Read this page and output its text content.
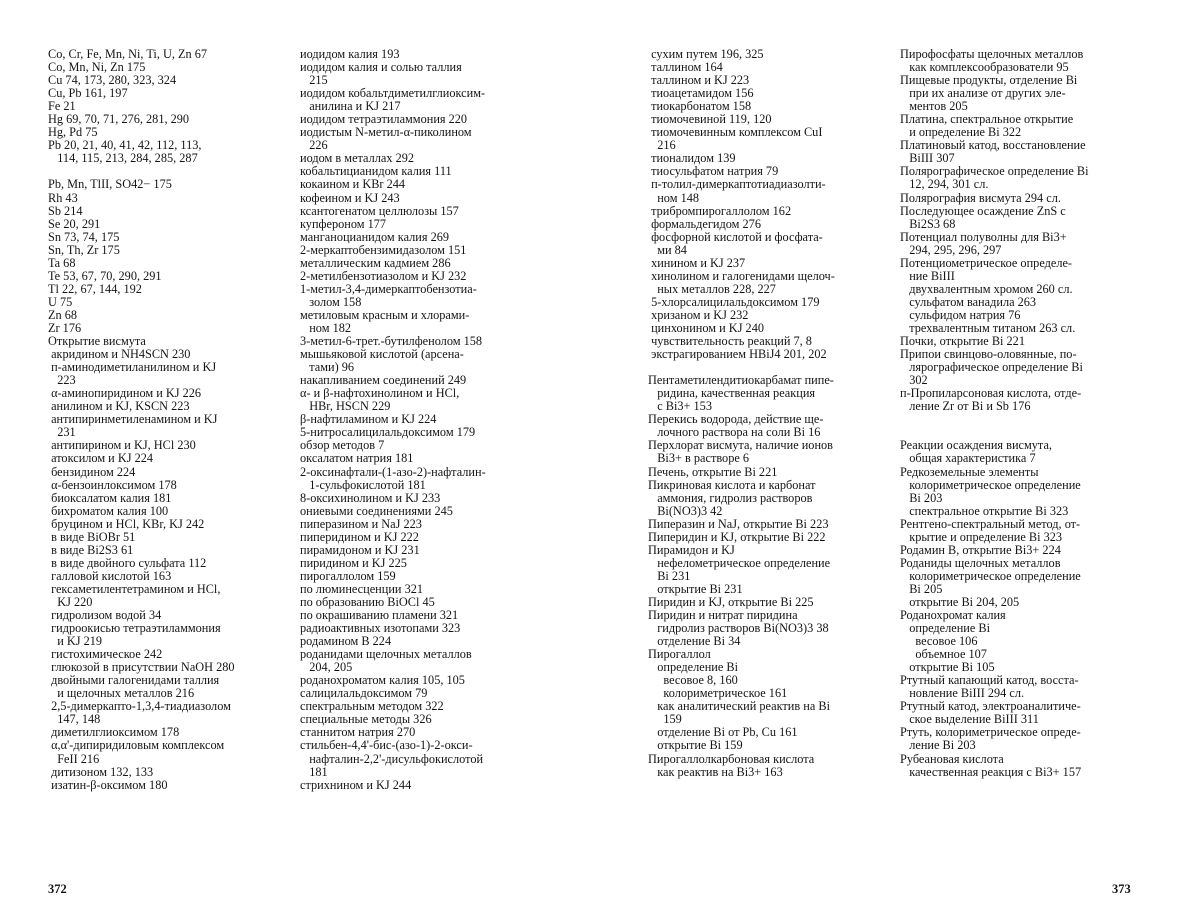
Co, Cr, Fe, Mn, Ni, Ti, U, Zn 67
Co, Mn, Ni, Zn 175
Cu 74, 173, 280, 323, 324
Cu, Pb 161, 197
Fe 21
Hg 69, 70, 71, 276, 281, 290
Hg, Pd 75
Pb 20, 21, 40, 41, 42, 112, 113,
114, 115, 213, 284, 285, 287

Pb, Mn, TlII, SO42− 175
Rh 43
Sb 214
Se 20, 291
Sn 73, 74, 175
Sn, Th, Zr 175
Ta 68
Te 53, 67, 70, 290, 291
Tl 22, 67, 144, 192
U 75
Zn 68
Zr 176
Открытие висмута
акридином и NH4SCN 230
п-аминодиметиланилином и KJ
223
α-аминопиридином и KJ 226
анилином и KJ, KSCN 223
антипиринметиленамином и KJ
231
антипирином и KJ, HCl 230
атоксилом и KJ 224
бензидином 224
α-бензоинлоксимом 178
биоксалатом калия 181
бихроматом калия 100
бруцином и HCl, KBr, KJ 242
в виде BiOBr 51
в виде Bi2S3 61
в виде двойного сульфата 112
галловой кислотой 163
гексаметилентетрамином и HCl,
KJ 220
гидролизом водой 34
гидроокисью тетраэтиламмония
и KJ 219
гистохимическое 242
глюкозой в присутствии NaOH 280
двойными галогенидами таллия
и щелочных металлов 216
2,5-димеркапто-1,3,4-тиадиазолом
147, 148
диметилглиоксимом 178
α,α'-дипиридиловым комплексом
FeII 216
дитизоном 132, 133
изатин-β-оксимом 180
иодидом калия 193
иодидом калия и солью таллия
215
иодидом кобальтдиметилглиоксим-
анилина и KJ 217
иодидом тетраэтиламмония 220
иодистым N-метил-α-пиколином
226
иодом в металлах 292
кобальтицианидом калия 111
кокаином и KBr 244
кофеином и KJ 243
ксантогенатом целлюлозы 157
купфероном 177
манганоцианидом калия 269
2-меркаптобензимидазолом 151
металлическим кадмием 286
2-метилбензотиазолом и KJ 232
1-метил-3,4-димеркаптобензотиа-
золом 158
метиловым красным и хлорами-
ном 182
3-метил-6-трет.-бутилфенолом 158
мышьяковой кислотой (арсена-
тами) 96
накапливанием соединений 249
α- и β-нафтохинолином и HCl,
HBr, HSCN 229
β-нафтиламином и KJ 224
5-нитросалицилальдоксимом 179
обзор методов 7
оксалатом натрия 181
2-оксинафтали-(1-азо-2)-нафталин-
1-сульфокислотой 181
8-оксихинолином и KJ 233
ониевыми соединениями 245
пиперазином и NaJ 223
пиперидином и KJ 222
пирамидоном и KJ 231
пиридином и KJ 225
пирогаллолом 159
по люминесценции 321
по образованию BiOCl 45
по окрашиванию пламени 321
радиоактивных изотопами 323
родамином В 224
роданидами щелочных металлов
204, 205
роданохроматом калия 105, 105
салицилальдоксимом 79
спектральным методом 322
специальные методы 326
станнитом натрия 270
стильбен-4,4'-бис-(азо-1)-2-окси-
нафталин-2,2'-дисульфокислотой
181
стрихнином и KJ 244
372
сухим путем 196, 325
таллином 164
таллином и KJ 223
тиоацетамидом 156
тиокарбонатом 158
тиомочевиной 119, 120
тиомочевинным комплексом CuI
216
тионалидом 139
тиосульфатом натрия 79
п-толил-димеркаптотиадиазолти-
ном 148
трибромпирогаллолом 162
формальдегидом 276
фосфорной кислотой и фосфата-
ми 84
хинином и KJ 237
хинолином и галогенидами щелоч-
ных металлов 228, 227
5-хлорсалицилальдоксимом 179
хризаном и KJ 232
цинхонином и KJ 240
чувствительность реакций 7, 8
экстрагированием HBiJ4 201, 202

Пентаметилендитиокарбамат пипе-
ридина, качественная реакция
с Bi3+ 153
Перекись водорода, действие ще-
лочного раствора на соли Bi 16
Перхлорат висмута, наличие ионов
Bi3+ в растворе 6
Печень, открытие Bi 221
Пикриновая кислота и карбонат
аммония, гидролиз растворов
Bi(NO3)3 42
Пиперазин и NaJ, открытие Bi 223
Пиперидин и KJ, открытие Bi 222
Пирамидон и KJ
нефелометрическое определение
Bi 231
открытие Bi 231
Пиридин и KJ, открытие Bi 225
Пиридин и нитрат пиридина
гидролиз растворов Bi(NO3)3 38
отделение Bi 34
Пирогаллол
определение Bi
весовое 8, 160
колориметрическое 161
как аналитический реактив на Bi
159
отделение Bi от Pb, Cu 161
открытие Bi 159
Пирогаллолкарбоновая кислота
как реактив на Bi3+ 163
Пирофосфаты щелочных металлов
как комплексообразователи 95
Пищевые продукты, отделение Bi
при их анализе от других эле-
ментов 205
Платина, спектральное открытие
и определение Bi 322
Платиновый катод, восстановление
BiIII 307
Полярографическое определение Bi
12, 294, 301 сл.
Полярография висмута 294 сл.
Последующее осаждение ZnS с
Bi2S3 68
Потенциал полуволны для Bi3+
294, 295, 296, 297
Потенциометрическое определе-
ние BiIII
двухвалентным хромом 260 сл.
сульфатом ванадила 263
сульфидом натрия 76
трехвалентным титаном 263 сл.
Почки, открытие Bi 221
Припои свинцово-оловянные, по-
лярографическое определение Bi
302
п-Пропиларсоновая кислота, отде-
ление Zr от Bi и Sb 176

Реакции осаждения висмута,
общая характеристика 7
Редкоземельные элементы
колориметрическое определение
Bi 203
спектральное открытие Bi 323
Рентгено-спектральный метод, от-
крытие и определение Bi 323
Родамин В, открытие Bi3+ 224
Роданиды щелочных металлов
колориметрическое определение
Bi 205
открытие Bi 204, 205
Роданохромат калия
определение Bi
весовое 106
объемное 107
открытие Bi 105
Ртутный капающий катод, восста-
новление BiIII 294 сл.
Ртутный катод, электроаналитиче-
ское выделение BiIII 311
Ртуть, колориметрическое опреде-
ление Bi 203
Рубеановая кислота
качественная реакция с Bi3+ 157
373
